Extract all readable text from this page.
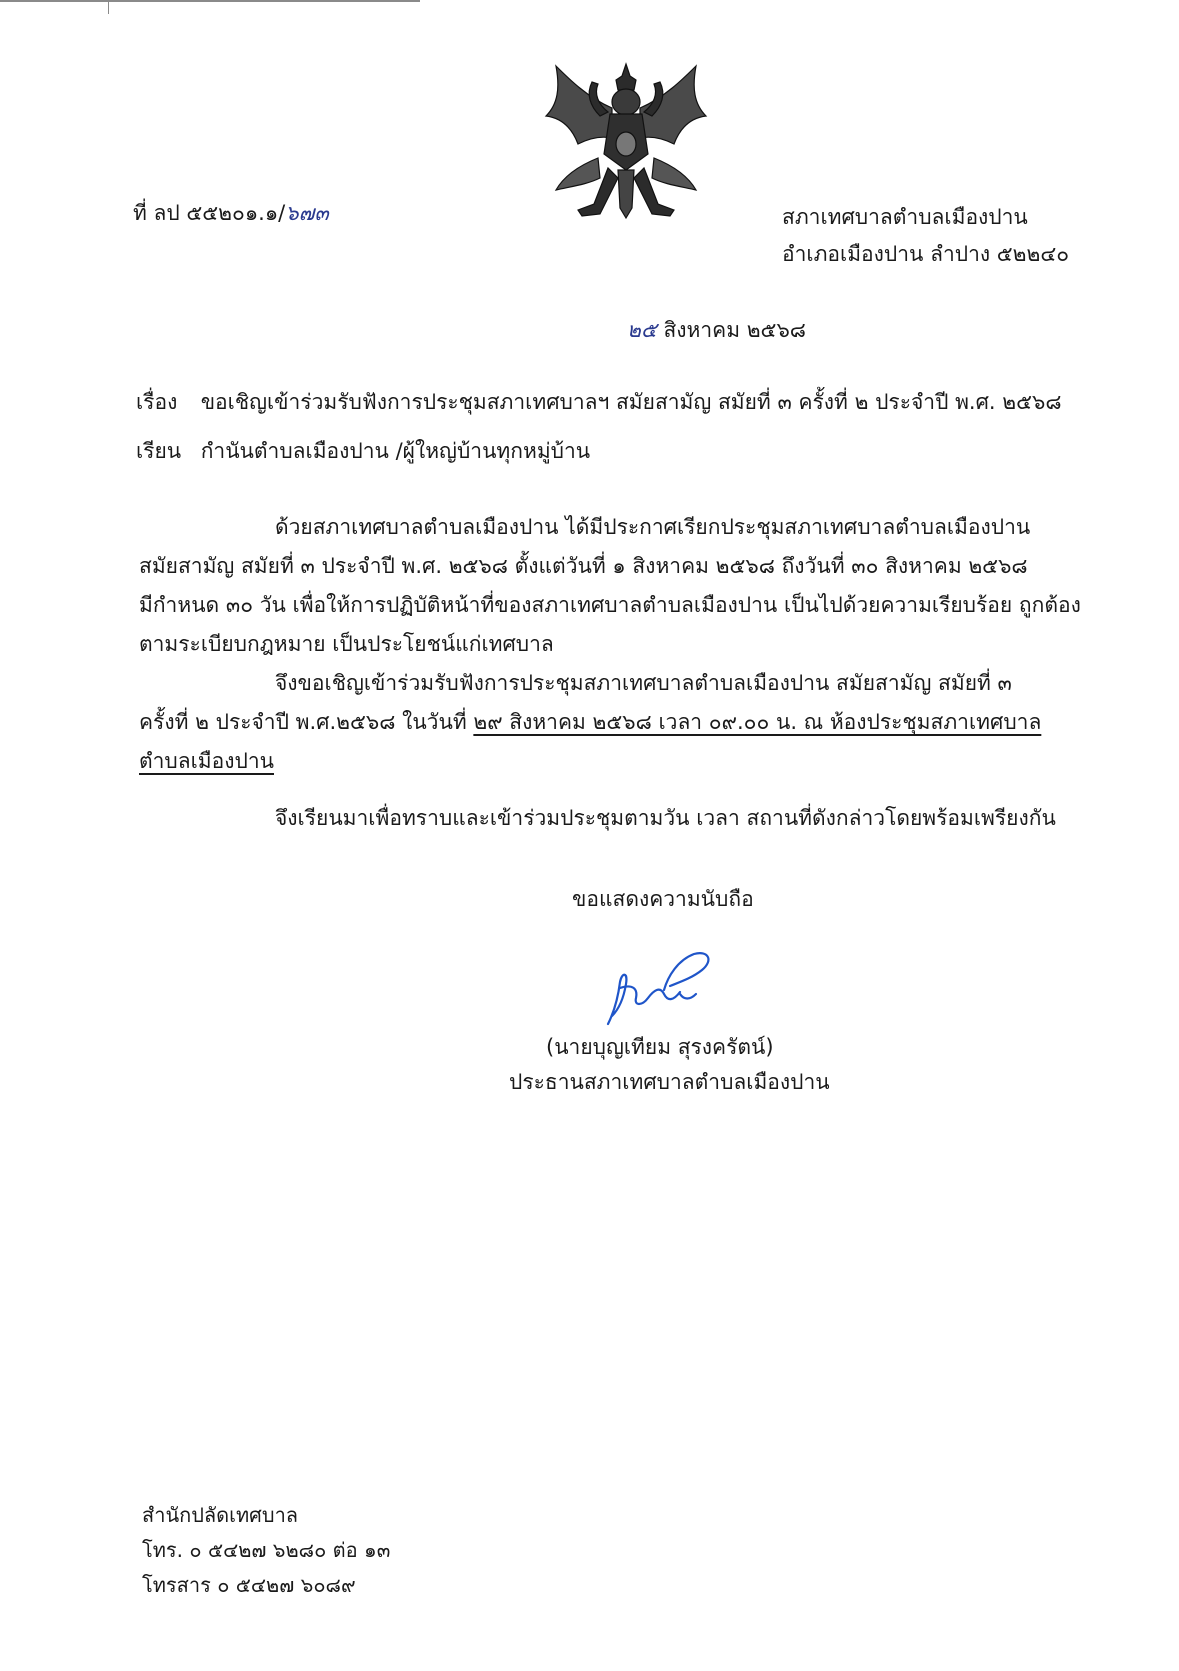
ที่ ลป ๕๕๒๐๑.๑/๖๗๓	สภาเทศบาลตำบลเมืองปาน
อำเภอเมืองปาน ลำปาง ๕๒๒๔๐
๒๕ สิงหาคม ๒๕๖๘
เรื่อง ขอเชิญเข้าร่วมรับฟังการประชุมสภาเทศบาลฯ สมัยสามัญ สมัยที่ ๓ ครั้งที่ ๒ ประจำปี พ.ศ. ๒๕๖๘
เรียน กำนันตำบลเมืองปาน /ผู้ใหญ่บ้านทุกหมู่บ้าน
ด้วยสภาเทศบาลตำบลเมืองปาน ได้มีประกาศเรียกประชุมสภาเทศบาลตำบลเมืองปาน
สมัยสามัญ สมัยที่ ๓ ประจำปี พ.ศ. ๒๕๖๘ ตั้งแต่วันที่ ๑ สิงหาคม ๒๕๖๘ ถึงวันที่ ๓๐ สิงหาคม ๒๕๖๘
มีกำหนด ๓๐ วัน เพื่อให้การปฏิบัติหน้าที่ของสภาเทศบาลตำบลเมืองปาน เป็นไปด้วยความเรียบร้อย ถูกต้อง
ตามระเบียบกฎหมาย เป็นประโยชน์แก่เทศบาล
จึงขอเชิญเข้าร่วมรับฟังการประชุมสภาเทศบาลตำบลเมืองปาน สมัยสามัญ สมัยที่ ๓
ครั้งที่ ๒ ประจำปี พ.ศ.๒๕๖๘ ในวันที่ ๒๙ สิงหาคม ๒๕๖๘ เวลา ๐๙.๐๐ น. ณ ห้องประชุมสภาเทศบาล
ตำบลเมืองปาน
จึงเรียนมาเพื่อทราบและเข้าร่วมประชุมตามวัน เวลา สถานที่ดังกล่าวโดยพร้อมเพรียงกัน
ขอแสดงความนับถือ
(นายบุญเทียม สุรงครัตน์)
ประธานสภาเทศบาลตำบลเมืองปาน
สำนักปลัดเทศบาล
โทร. ๐ ๕๔๒๗ ๖๒๘๐ ต่อ ๑๓
โทรสาร ๐ ๕๔๒๗ ๖๐๘๙
